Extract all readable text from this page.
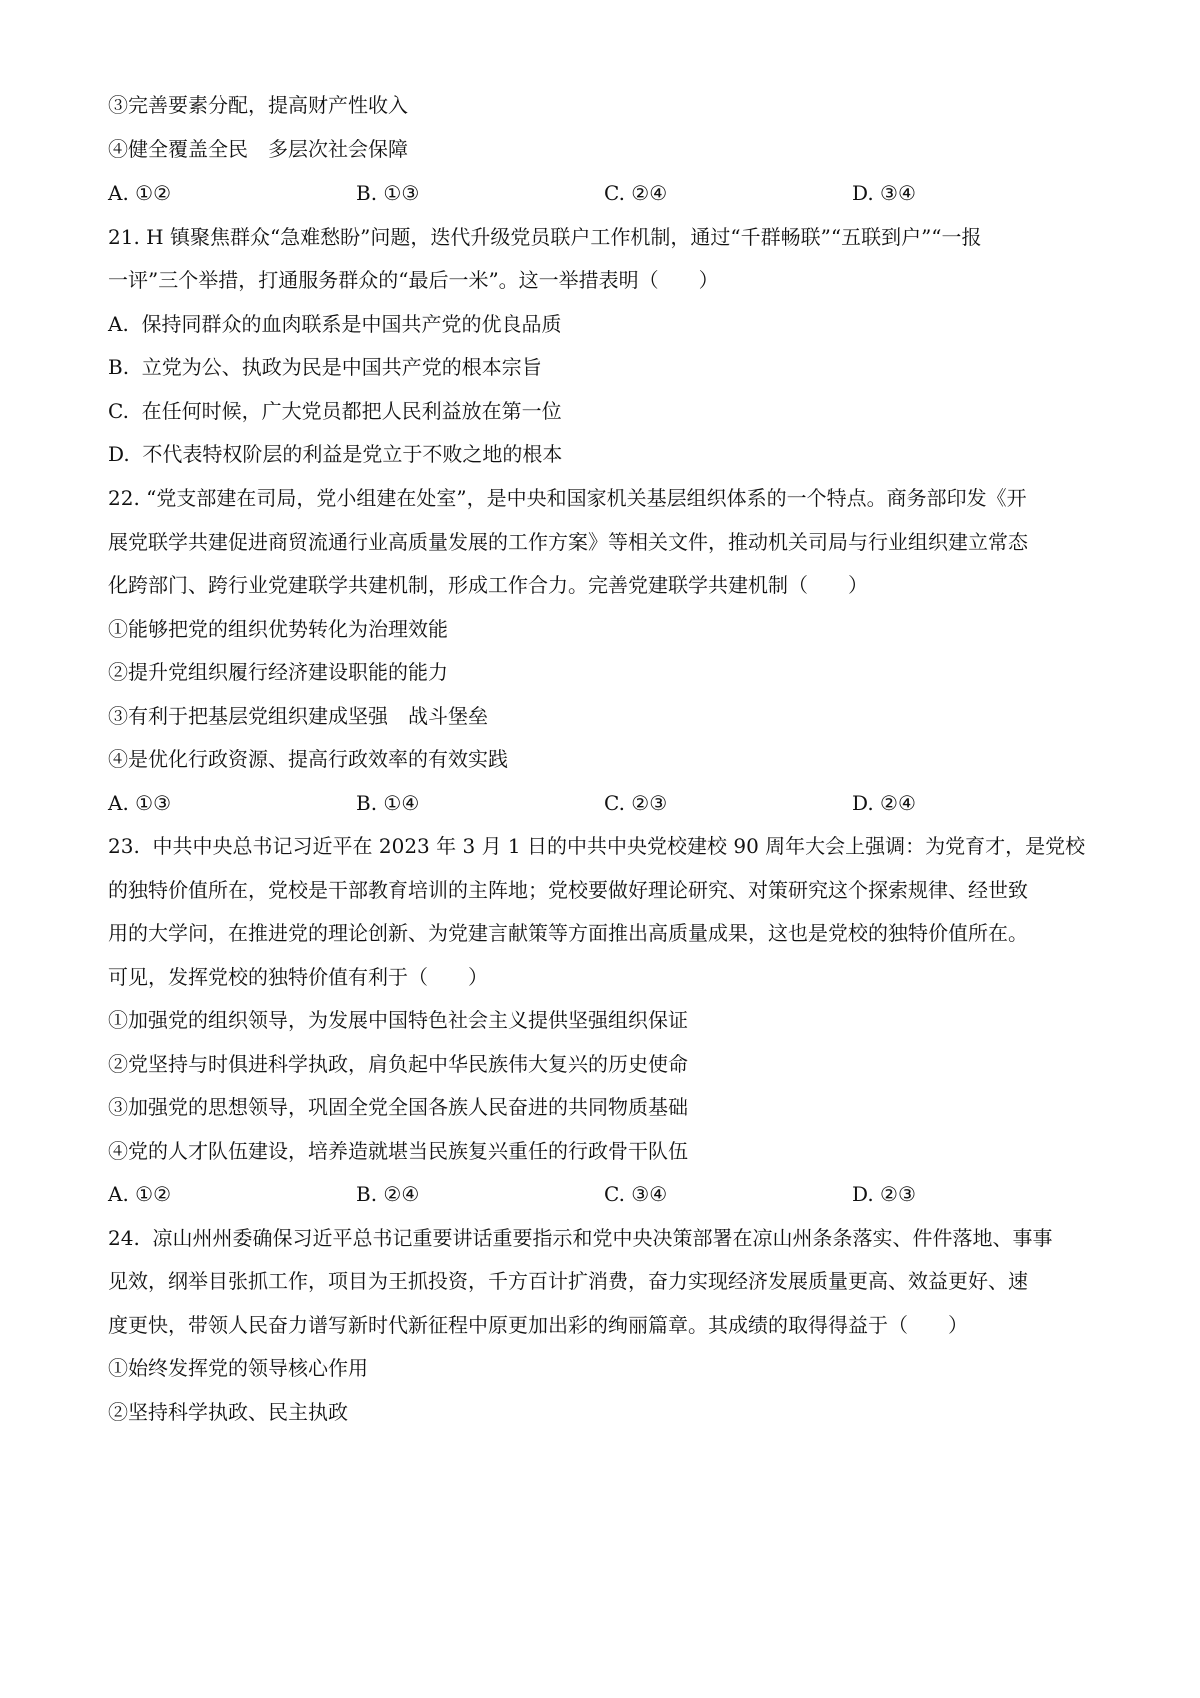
③完善要素分配，提高财产性收入
④健全覆盖全民　多层次社会保障
A. ①②	B. ①③	C. ②④	D. ③④
21. H 镇聚焦群众“急难愁盼”问题，迭代升级党员联户工作机制，通过“千群畅联”“五联到户”“一报
一评”三个举措，打通服务群众的“最后一米”。这一举措表明（　　）
A.  保持同群众的血肉联系是中国共产党的优良品质
B.  立党为公、执政为民是中国共产党的根本宗旨
C.  在任何时候，广大党员都把人民利益放在第一位
D.  不代表特权阶层的利益是党立于不败之地的根本
22. “党支部建在司局，党小组建在处室”，是中央和国家机关基层组织体系的一个特点。商务部印发《开
展党联学共建促进商贸流通行业高质量发展的工作方案》等相关文件，推动机关司局与行业组织建立常态
化跨部门、跨行业党建联学共建机制，形成工作合力。完善党建联学共建机制（　　）
①能够把党的组织优势转化为治理效能
②提升党组织履行经济建设职能的能力
③有利于把基层党组织建成坚强　战斗堡垒
④是优化行政资源、提高行政效率的有效实践
A. ①③	B. ①④	C. ②③	D. ②④
23.  中共中央总书记习近平在 2023 年 3 月 1 日的中共中央党校建校 90 周年大会上强调：为党育才，是党校
的独特价值所在，党校是干部教育培训的主阵地；党校要做好理论研究、对策研究这个探索规律、经世致
用的大学问，在推进党的理论创新、为党建言献策等方面推出高质量成果，这也是党校的独特价值所在。
可见，发挥党校的独特价值有利于（　　）
①加强党的组织领导，为发展中国特色社会主义提供坚强组织保证
②党坚持与时俱进科学执政，肩负起中华民族伟大复兴的历史使命
③加强党的思想领导，巩固全党全国各族人民奋进的共同物质基础
④党的人才队伍建设，培养造就堪当民族复兴重任的行政骨干队伍
A. ①②	B. ②④	C. ③④	D. ②③
24.  凉山州州委确保习近平总书记重要讲话重要指示和党中央决策部署在凉山州条条落实、件件落地、事事
见效，纲举目张抓工作，项目为王抓投资，千方百计扩消费，奋力实现经济发展质量更高、效益更好、速
度更快，带领人民奋力谱写新时代新征程中原更加出彩的绚丽篇章。其成绩的取得得益于（　　）
①始终发挥党的领导核心作用
②坚持科学执政、民主执政
